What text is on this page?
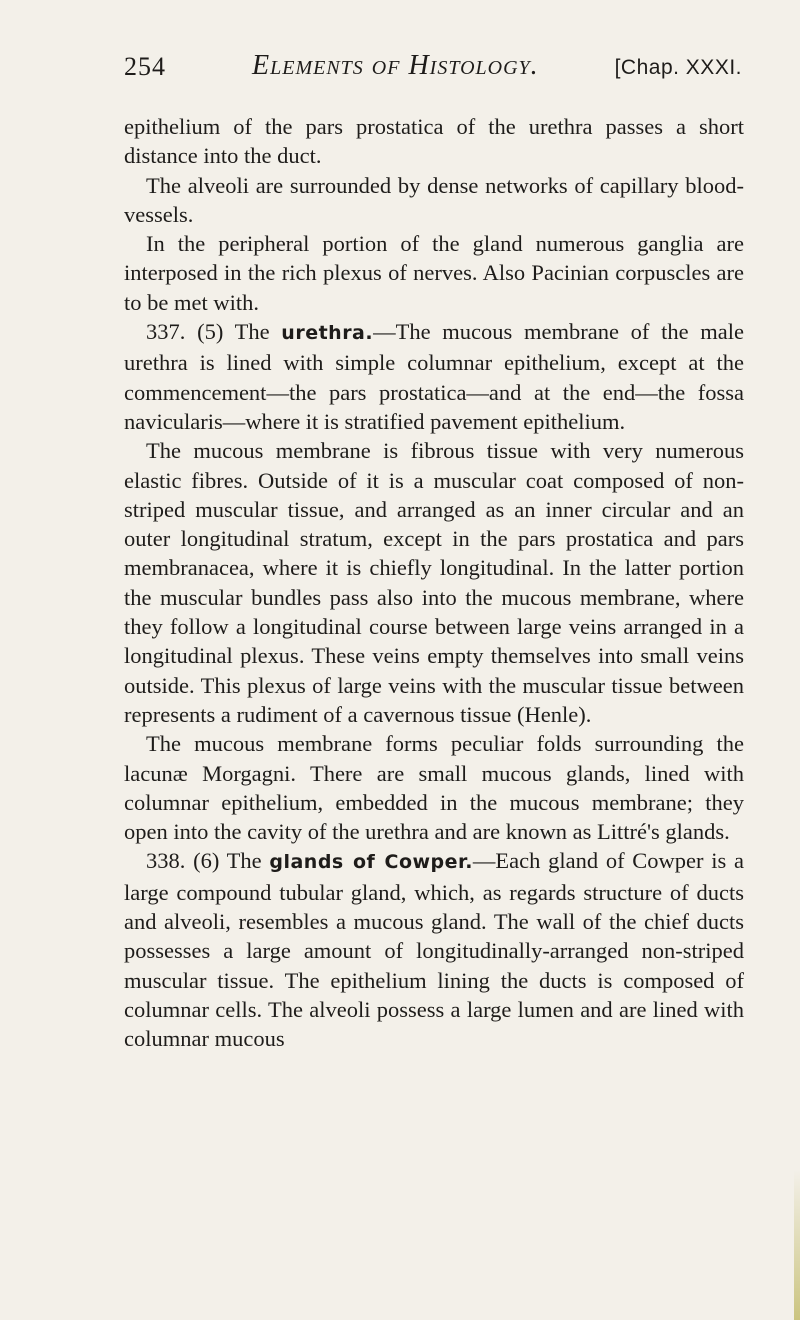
254	Elements of Histology.	[Chap. XXXI.

epithelium of the pars prostatica of the urethra passes a short distance into the duct.

The alveoli are surrounded by dense networks of capillary blood-vessels.

In the peripheral portion of the gland numerous ganglia are interposed in the rich plexus of nerves. Also Pacinian corpuscles are to be met with.

337. (5) The urethra.—The mucous membrane of the male urethra is lined with simple columnar epithelium, except at the commencement—the pars prostatica—and at the end—the fossa navicularis—where it is stratified pavement epithelium.

The mucous membrane is fibrous tissue with very numerous elastic fibres. Outside of it is a muscular coat composed of non-striped muscular tissue, and arranged as an inner circular and an outer longitudinal stratum, except in the pars prostatica and pars membranacea, where it is chiefly longitudinal. In the latter portion the muscular bundles pass also into the mucous membrane, where they follow a longitudinal course between large veins arranged in a longitudinal plexus. These veins empty themselves into small veins outside. This plexus of large veins with the muscular tissue between represents a rudiment of a cavernous tissue (Henle).

The mucous membrane forms peculiar folds surrounding the lacunæ Morgagni. There are small mucous glands, lined with columnar epithelium, embedded in the mucous membrane; they open into the cavity of the urethra and are known as Littré's glands.

338. (6) The glands of Cowper.—Each gland of Cowper is a large compound tubular gland, which, as regards structure of ducts and alveoli, resembles a mucous gland. The wall of the chief ducts possesses a large amount of longitudinally-arranged non-striped muscular tissue. The epithelium lining the ducts is composed of columnar cells. The alveoli possess a large lumen and are lined with columnar mucous
